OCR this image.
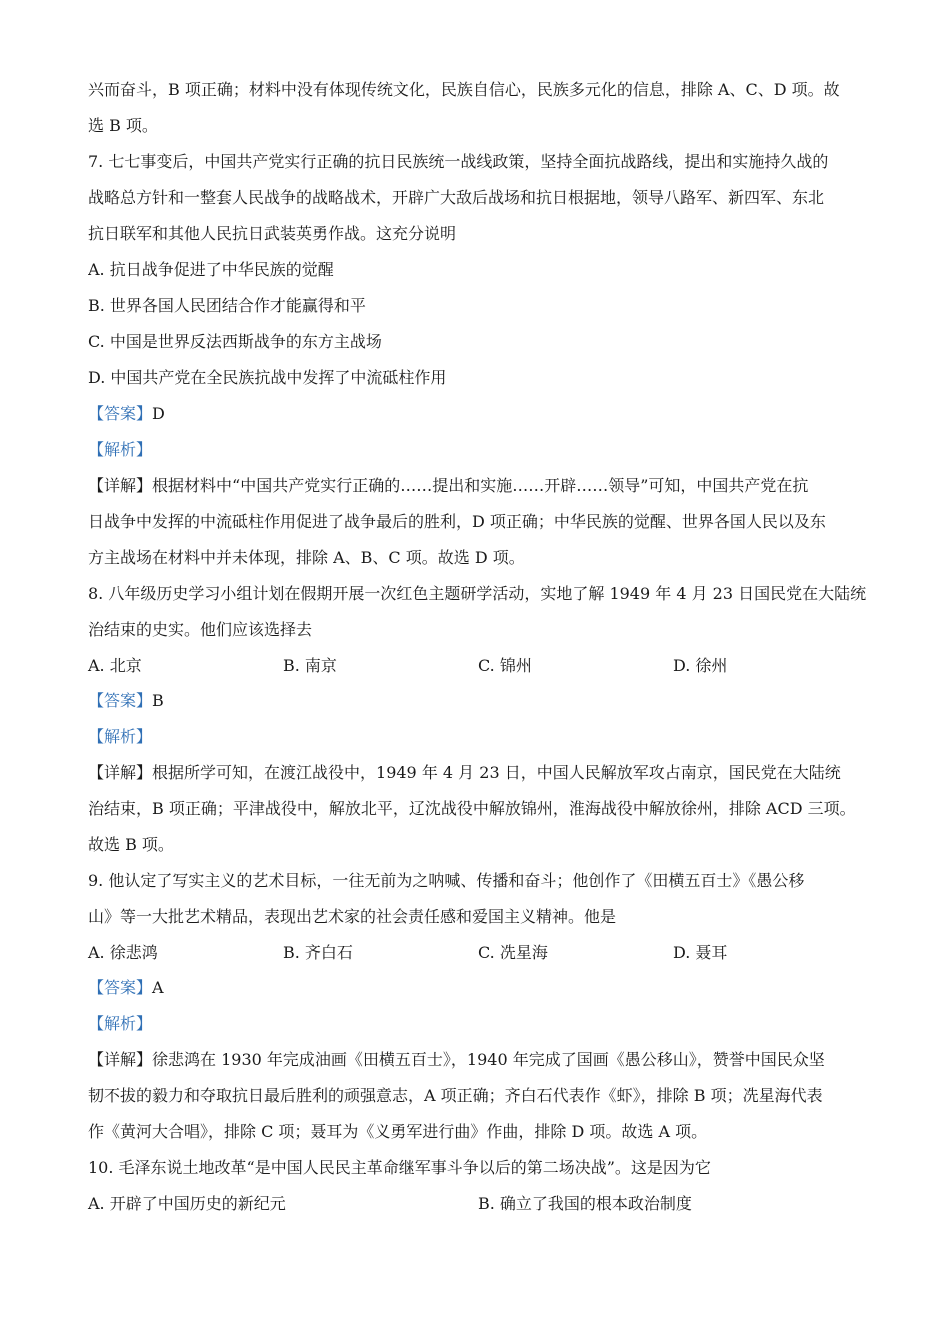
兴而奋斗，B 项正确；材料中没有体现传统文化，民族自信心，民族多元化的信息，排除 A、C、D 项。故
选 B 项。
7. 七七事变后，中国共产党实行正确的抗日民族统一战线政策，坚持全面抗战路线，提出和实施持久战的
战略总方针和一整套人民战争的战略战术，开辟广大敌后战场和抗日根据地，领导八路军、新四军、东北
抗日联军和其他人民抗日武装英勇作战。这充分说明
A. 抗日战争促进了中华民族的觉醒
B. 世界各国人民团结合作才能赢得和平
C. 中国是世界反法西斯战争的东方主战场
D. 中国共产党在全民族抗战中发挥了中流砥柱作用
【答案】D
【解析】
【详解】根据材料中“中国共产党实行正确的……提出和实施……开辟……领导”可知，中国共产党在抗
日战争中发挥的中流砥柱作用促进了战争最后的胜利，D 项正确；中华民族的觉醒、世界各国人民以及东
方主战场在材料中并未体现，排除 A、B、C 项。故选 D 项。
8. 八年级历史学习小组计划在假期开展一次红色主题研学活动，实地了解 1949 年 4 月 23 日国民党在大陆统
治结束的史实。他们应该选择去
A. 北京	B. 南京	C. 锦州	D. 徐州
【答案】B
【解析】
【详解】根据所学可知，在渡江战役中，1949 年 4 月 23 日，中国人民解放军攻占南京，国民党在大陆统
治结束，B 项正确；平津战役中，解放北平，辽沈战役中解放锦州，淮海战役中解放徐州，排除 ACD 三项。
故选 B 项。
9. 他认定了写实主义的艺术目标，一往无前为之呐喊、传播和奋斗；他创作了《田横五百士》《愚公移
山》等一大批艺术精品，表现出艺术家的社会责任感和爱国主义精神。他是
A. 徐悲鸿	B. 齐白石	C. 冼星海	D. 聂耳
【答案】A
【解析】
【详解】徐悲鸿在 1930 年完成油画《田横五百士》，1940 年完成了国画《愚公移山》，赞誉中国民众坚
韧不拔的毅力和夺取抗日最后胜利的顽强意志，A 项正确；齐白石代表作《虾》，排除 B 项；冼星海代表
作《黄河大合唱》，排除 C 项；聂耳为《义勇军进行曲》作曲，排除 D 项。故选 A 项。
10. 毛泽东说土地改革“是中国人民民主革命继军事斗争以后的第二场决战”。这是因为它
A. 开辟了中国历史的新纪元	B. 确立了我国的根本政治制度
